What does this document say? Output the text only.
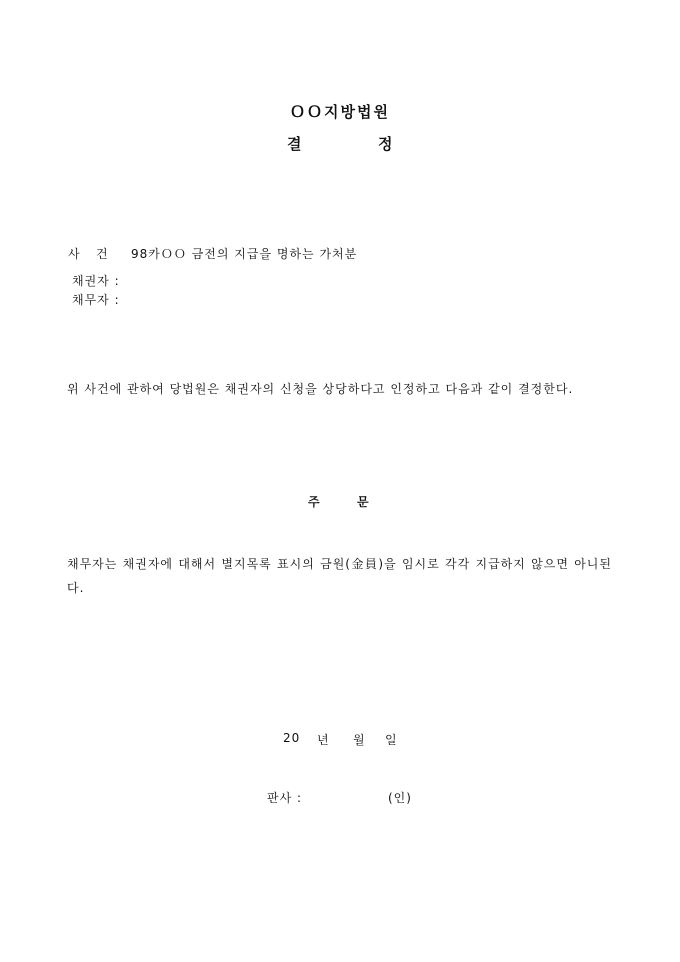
ＯＯ지방법원
결	정
사 건 98카ＯＯ 금전의 지급을 명하는 가처분
채권자 :
채무자 :
위 사건에 관하여 당법원은 채권자의 신청을 상당하다고 인정하고 다음과 같이 결정한다.
주	문
채무자는 채권자에 대해서 별지목록 표시의 금원(金員)을 임시로 각각 지급하지 않으면 아니된다.
20 년 월 일
판사 :	(인)
